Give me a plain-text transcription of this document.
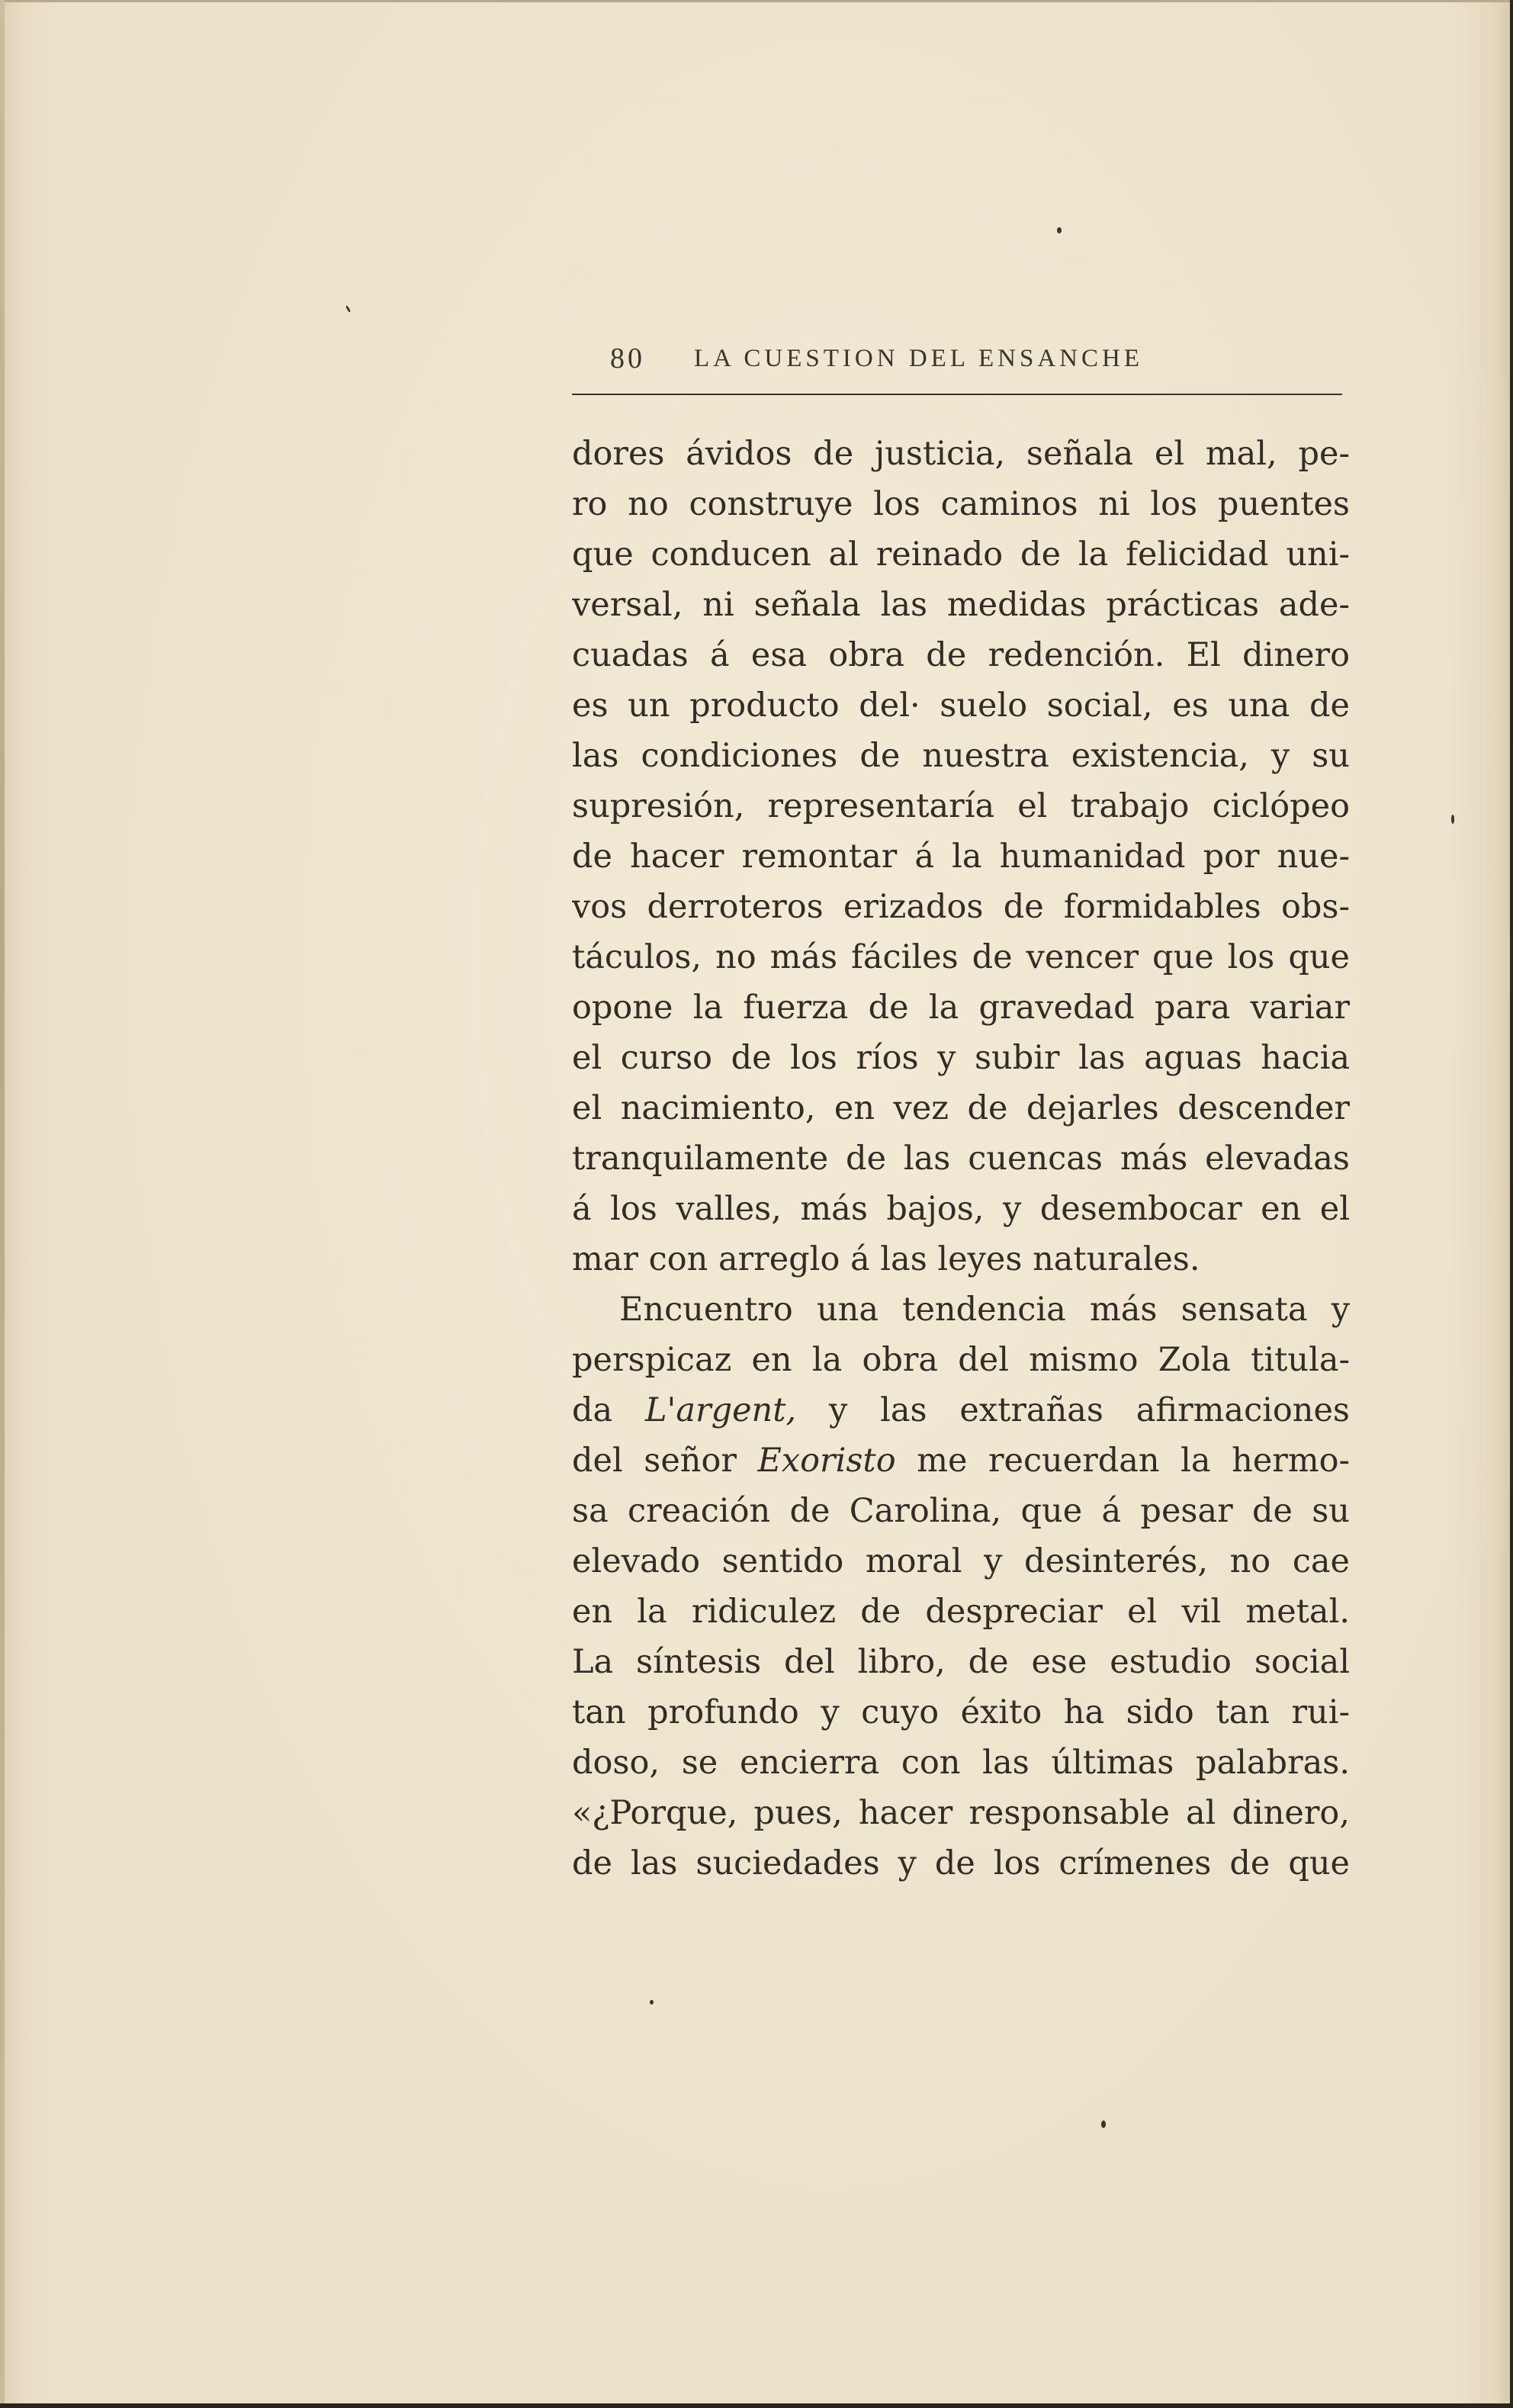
80 LA CUESTION DEL ENSANCHE
dores ávidos de justicia, señala el mal, pe-
ro no construye los caminos ni los puentes
que conducen al reinado de la felicidad uni-
versal, ni señala las medidas prácticas ade-
cuadas á esa obra de redención. El dinero
es un producto del· suelo social, es una de
las condiciones de nuestra existencia, y su
supresión, representaría el trabajo ciclópeo
de hacer remontar á la humanidad por nue-
vos derroteros erizados de formidables obs-
táculos, no más fáciles de vencer que los que
opone la fuerza de la gravedad para variar
el curso de los ríos y subir las aguas hacia
el nacimiento, en vez de dejarles descender
tranquilamente de las cuencas más elevadas
á los valles, más bajos, y desembocar en el
mar con arreglo á las leyes naturales.
Encuentro una tendencia más sensata y
perspicaz en la obra del mismo Zola titula-
da L'argent, y las extrañas afirmaciones
del señor Exoristo me recuerdan la hermo-
sa creación de Carolina, que á pesar de su
elevado sentido moral y desinterés, no cae
en la ridiculez de despreciar el vil metal.
La síntesis del libro, de ese estudio social
tan profundo y cuyo éxito ha sido tan rui-
doso, se encierra con las últimas palabras.
«¿Porque, pues, hacer responsable al dinero,
de las suciedades y de los crímenes de que
